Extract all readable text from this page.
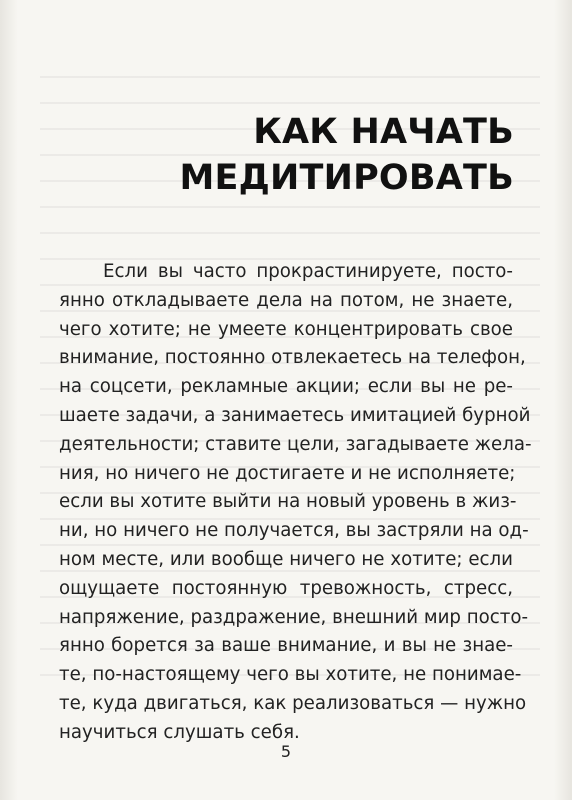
КАК НАЧАТЬ
МЕДИТИРОВАТЬ
Если вы часто прокрастинируете, посто-
янно откладываете дела на потом, не знаете,
чего хотите; не умеете концентрировать свое
внимание, постоянно отвлекаетесь на телефон,
на соцсети, рекламные акции; если вы не ре-
шаете задачи, а занимаетесь имитацией бурной
деятельности; ставите цели, загадываете жела-
ния, но ничего не достигаете и не исполняете;
если вы хотите выйти на новый уровень в жиз-
ни, но ничего не получается, вы застряли на од-
ном месте, или вообще ничего не хотите; если
ощущаете постоянную тревожность, стресс,
напряжение, раздражение, внешний мир посто-
янно борется за ваше внимание, и вы не знае-
те, по-настоящему чего вы хотите, не понимае-
те, куда двигаться, как реализоваться — нужно
научиться слушать себя.
5
